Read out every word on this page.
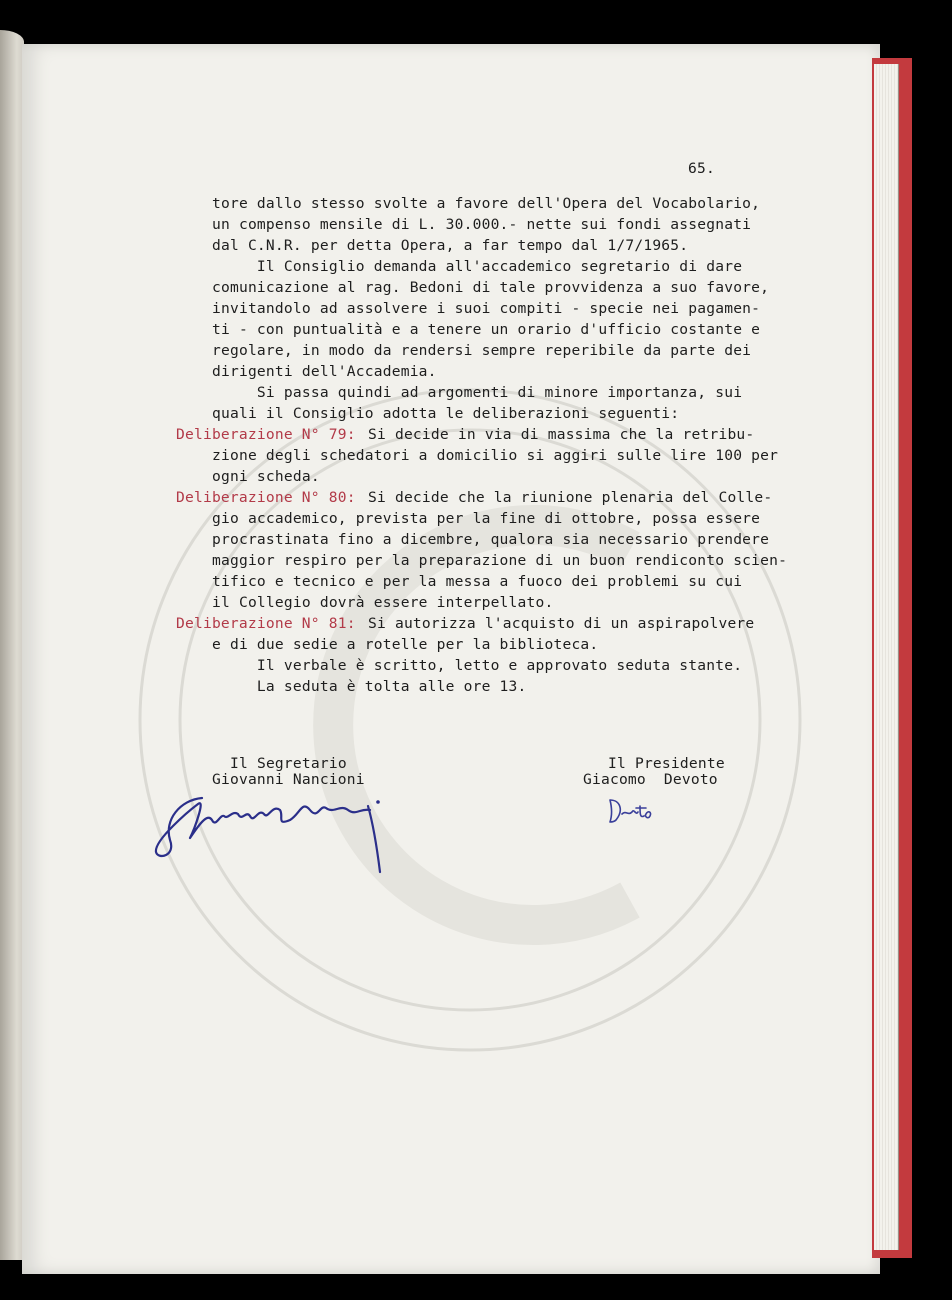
65.

tore dallo stesso svolte a favore dell'Opera del Vocabolario,

un compenso mensile di L. 30.000.- nette sui fondi assegnati

dal C.N.R. per detta Opera, a far tempo dal 1/7/1965.

Il Consiglio demanda all'accademico segretario di dare

comunicazione al rag. Bedoni di tale provvidenza a suo favore,

invitandolo ad assolvere i suoi compiti - specie nei pagamen-

ti - con puntualità e a tenere un orario d'ufficio costante e

regolare, in modo da rendersi sempre reperibile da parte dei

dirigenti dell'Accademia.

Si passa quindi ad argomenti di minore importanza, sui

quali il Consiglio adotta le deliberazioni seguenti:

Deliberazione N° 79: Si decide in via di massima che la retribu-

zione degli schedatori a domicilio si aggiri sulle lire 100 per

ogni scheda.

Deliberazione N° 80: Si decide che la riunione plenaria del Colle-

gio accademico, prevista per la fine di ottobre, possa essere

procrastinata fino a dicembre, qualora sia necessario prendere

maggior respiro per la preparazione di un buon rendiconto scien-

tifico e tecnico e per la messa a fuoco dei problemi su cui

il Collegio dovrà essere interpellato.

Deliberazione N° 81: Si autorizza l'acquisto di un aspirapolvere

e di due sedie a rotelle per la biblioteca.

Il verbale è scritto, letto e approvato seduta stante.

La seduta è tolta alle ore 13.

Il Segretario

Giovanni Nancioni

Il Presidente

Giacomo  Devoto
